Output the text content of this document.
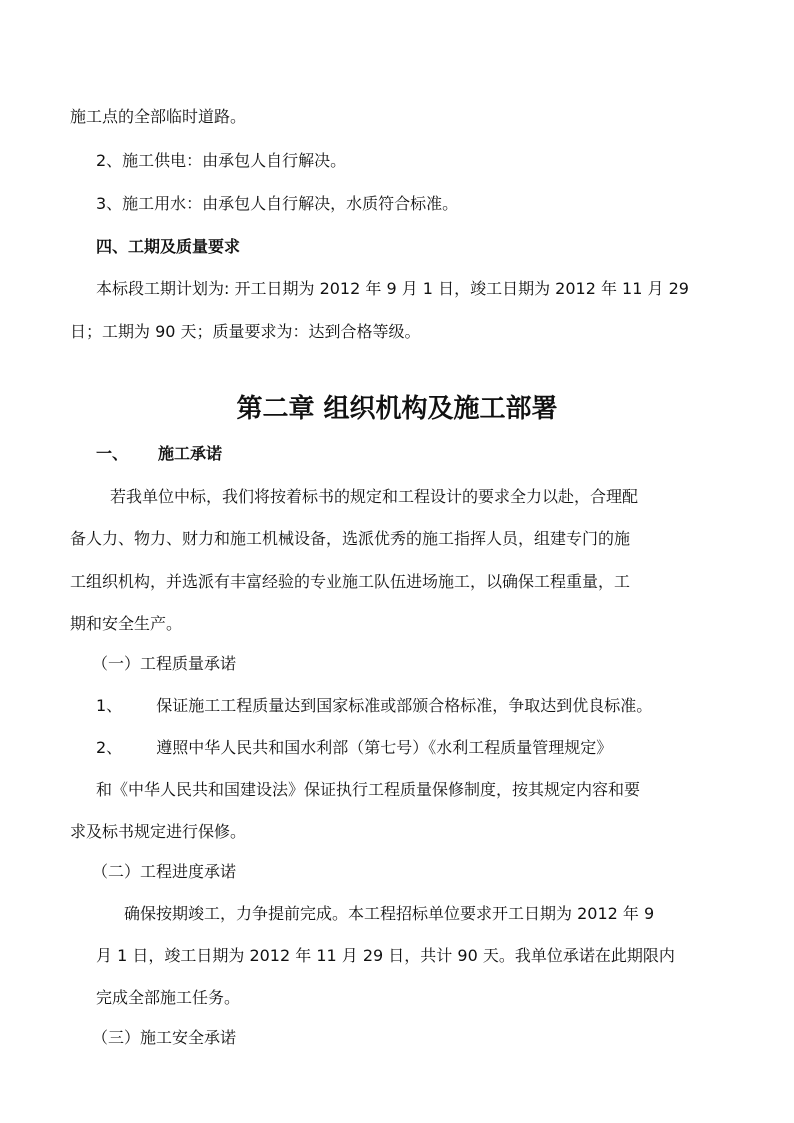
施工点的全部临时道路。

2、施工供电：由承包人自行解决。

3、施工用水：由承包人自行解决，水质符合标准。

四、工期及质量要求

本标段工期计划为: 开工日期为 2012 年 9 月 1 日，竣工日期为 2012 年 11 月 29

日；工期为 90 天；质量要求为：达到合格等级。

第二章 组织机构及施工部署

一、 施工承诺

若我单位中标，我们将按着标书的规定和工程设计的要求全力以赴，合理配

备人力、物力、财力和施工机械设备，选派优秀的施工指挥人员，组建专门的施

工组织机构，并选派有丰富经验的专业施工队伍进场施工，以确保工程重量，工

期和安全生产。

（一）工程质量承诺

1、 保证施工工程质量达到国家标准或部颁合格标准，争取达到优良标准。

2、 遵照中华人民共和国水利部（第七号）《水利工程质量管理规定》

和《中华人民共和国建设法》保证执行工程质量保修制度，按其规定内容和要

求及标书规定进行保修。

（二）工程进度承诺

确保按期竣工，力争提前完成。本工程招标单位要求开工日期为 2012 年 9

月 1 日，竣工日期为 2012 年 11 月 29 日，共计 90 天。我单位承诺在此期限内

完成全部施工任务。

（三）施工安全承诺
